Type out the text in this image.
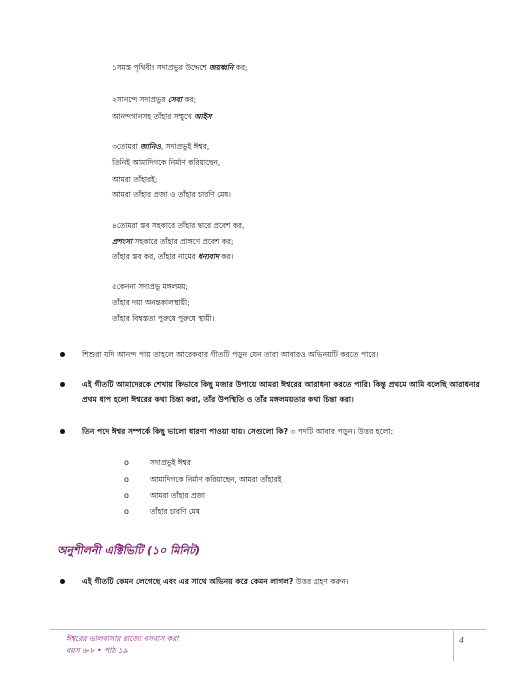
১সমস্ত পৃথিবী! সদাপ্রভুর উদ্দেশে জয়ধ্বনি কর;
২সানন্দে সদাপ্রভুর সেবা কর;
আনন্দগানসহ তাঁহার সম্মুখে আইস
৩তোমরা জানিও, সদাপ্রভুই ঈশ্বর,
তিনিই আমাদিগকে নির্মাণ করিয়াছেন,
আমরা তাঁহারই;
আমরা তাঁহার প্রজা ও তাঁহার চারণি মেষ।
৪তোমরা স্তব সহকারে তাঁহার দ্বারে প্রবেশ কর,
প্রশংসা সহকারে তাঁহার প্রাঙ্গণে প্রবেশ কর;
তাঁহার স্তব কর, তাঁহার নামের ধন্যবাদ কর।
৫কেননা সদাপ্রভু মঙ্গলময়;
তাঁহার দয়া অনন্তকালস্থায়ী;
তাঁহার বিশ্বস্ততা পুরুষে পুরুষে স্থায়ী।
শিশুরা যদি আনন্দ পায় তাহলে আরেকবার গীতটি পড়ুন যেন তারা আবারও অভিনয়টি করতে পারে।
এই গীতটি আমাদেরকে শেখায় কিভাবে কিছু মজার উপায়ে আমরা ঈশ্বরের আরাধনা করতে পারি। কিন্তু প্রথমে আমি বলেছি আরাধনার প্রথম ধাপ হলো ঈশ্বরের কথা চিন্তা করা, তাঁর উপস্থিতি ও তাঁর মঙ্গলময়তার কথা চিন্তা করা।
তিন পদে ঈশ্বর সম্পর্কে কিছু ভালো ধারণা পাওয়া যায়। সেগুলো কি? ৩ পদটি আবার পড়ুন। উত্তর হলো:
o	সদাপ্রভুই ঈশ্বর
o	আমাদিগকে নির্মাণ করিয়াছেন, আমরা তাঁহারই
o	আমরা তাঁহার প্রজা
o	তাঁহার চারণি মেষ
অনুশীলনী এক্টিভিটি (১০ মিনিট)
এই গীতটি কেমন লেগেছে এবং এর সাথে অভিনয় করে কেমন লাগল? উত্তর গ্রহণ করুন।
ঈশ্বরের ভালবাসার রাজ্যে বসবাস করা
বয়স ৬-৮ • পাঠ ১৯
4
